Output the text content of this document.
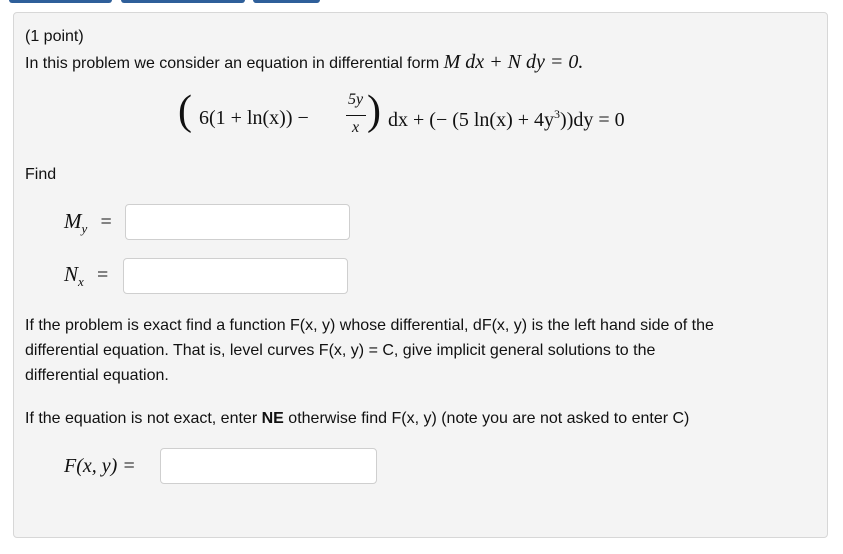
(1 point)
In this problem we consider an equation in differential form M dx + N dy = 0.
( 6(1 + ln(x)) −
5y
x ) dx + (− (5 $\ln(x) + 4y^3))dy = 0$
Find
$M_y$ =
$N_x$ =
If the problem is exact find a function F(x, y) whose differential, dF(x, y) is the left hand side of the
differential equation. That is, level curves F(x, y) = C, give implicit general solutions to the
differential equation.
If the equation is not exact, enter NE otherwise find F(x, y) (note you are not asked to enter C)
F(x, y) =
